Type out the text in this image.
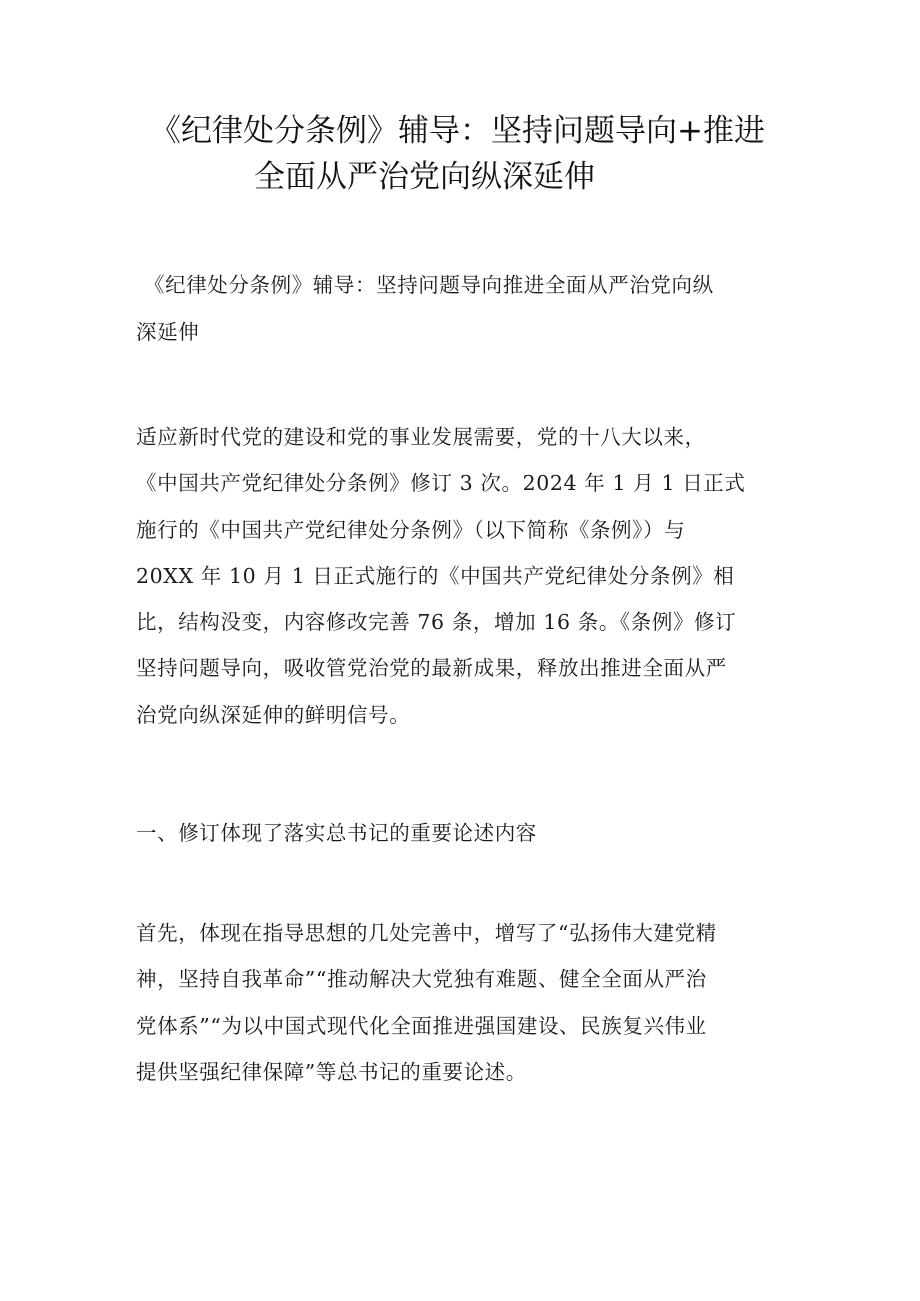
《纪律处分条例》辅导：坚持问题导向+推进
全面从严治党向纵深延伸
《纪律处分条例》辅导：坚持问题导向推进全面从严治党向纵
深延伸
适应新时代党的建设和党的事业发展需要，党的十八大以来，
《中国共产党纪律处分条例》修订 3 次。2024 年 1 月 1 日正式
施行的《中国共产党纪律处分条例》（以下简称《条例》）与
20XX 年 10 月 1 日正式施行的《中国共产党纪律处分条例》相
比，结构没变，内容修改完善 76 条，增加 16 条。《条例》修订
坚持问题导向，吸收管党治党的最新成果，释放出推进全面从严
治党向纵深延伸的鲜明信号。
一、修订体现了落实总书记的重要论述内容
首先，体现在指导思想的几处完善中，增写了“弘扬伟大建党精
神，坚持自我革命”“推动解决大党独有难题、健全全面从严治
党体系”“为以中国式现代化全面推进强国建设、民族复兴伟业
提供坚强纪律保障”等总书记的重要论述。
